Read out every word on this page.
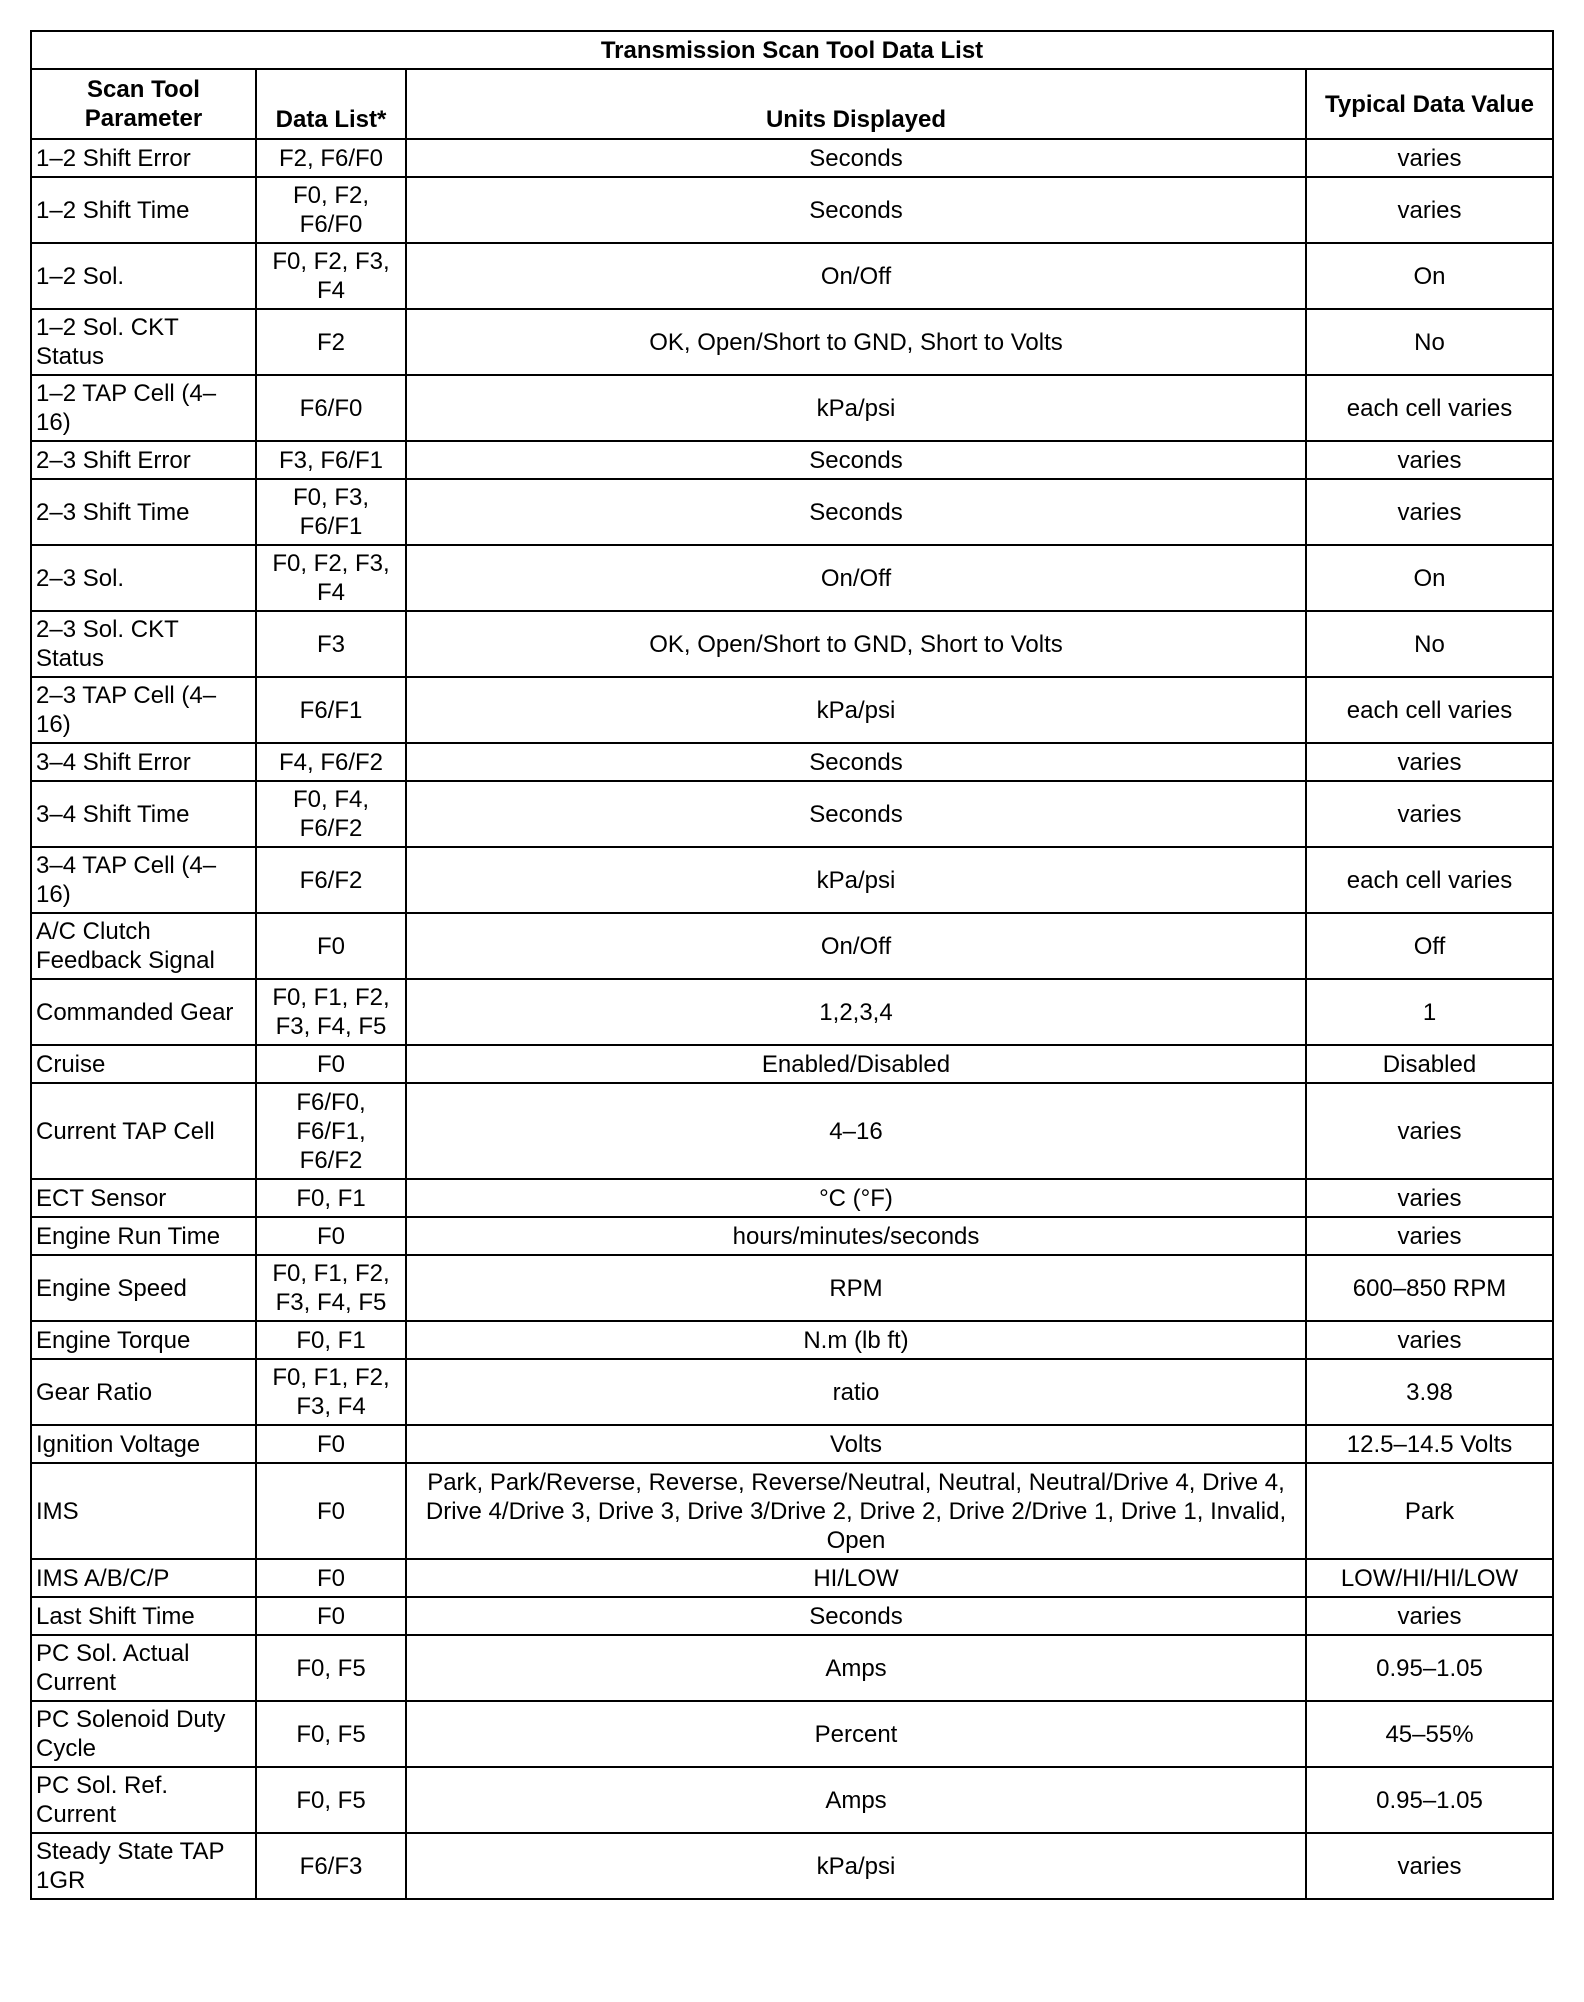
Transmission Scan Tool Data List			
Scan Tool Parameter	Data List*	Units Displayed	Typical Data Value
1–2 Shift Error	F2, F6/F0	Seconds	varies
1–2 Shift Time	F0, F2, F6/F0	Seconds	varies
1–2 Sol.	F0, F2, F3, F4	On/Off	On
1–2 Sol. CKT Status	F2	OK, Open/Short to GND, Short to Volts	No
1–2 TAP Cell (4–16)	F6/F0	kPa/psi	each cell varies
2–3 Shift Error	F3, F6/F1	Seconds	varies
2–3 Shift Time	F0, F3, F6/F1	Seconds	varies
2–3 Sol.	F0, F2, F3, F4	On/Off	On
2–3 Sol. CKT Status	F3	OK, Open/Short to GND, Short to Volts	No
2–3 TAP Cell (4–16)	F6/F1	kPa/psi	each cell varies
3–4 Shift Error	F4, F6/F2	Seconds	varies
3–4 Shift Time	F0, F4, F6/F2	Seconds	varies
3–4 TAP Cell (4–16)	F6/F2	kPa/psi	each cell varies
A/C Clutch Feedback Signal	F0	On/Off	Off
Commanded Gear	F0, F1, F2, F3, F4, F5	1,2,3,4	1
Cruise	F0	Enabled/Disabled	Disabled
Current TAP Cell	F6/F0, F6/F1, F6/F2	4–16	varies
ECT Sensor	F0, F1	°C (°F)	varies
Engine Run Time	F0	hours/minutes/seconds	varies
Engine Speed	F0, F1, F2, F3, F4, F5	RPM	600–850 RPM
Engine Torque	F0, F1	N.m (lb ft)	varies
Gear Ratio	F0, F1, F2, F3, F4	ratio	3.98
Ignition Voltage	F0	Volts	12.5–14.5 Volts
IMS	F0	Park, Park/Reverse, Reverse, Reverse/Neutral, Neutral, Neutral/Drive 4, Drive 4, Drive 4/Drive 3, Drive 3, Drive 3/Drive 2, Drive 2, Drive 2/Drive 1, Drive 1, Invalid, Open	Park
IMS A/B/C/P	F0	HI/LOW	LOW/HI/HI/LOW
Last Shift Time	F0	Seconds	varies
PC Sol. Actual Current	F0, F5	Amps	0.95–1.05
PC Solenoid Duty Cycle	F0, F5	Percent	45–55%
PC Sol. Ref. Current	F0, F5	Amps	0.95–1.05
Steady State TAP 1GR	F6/F3	kPa/psi	varies
